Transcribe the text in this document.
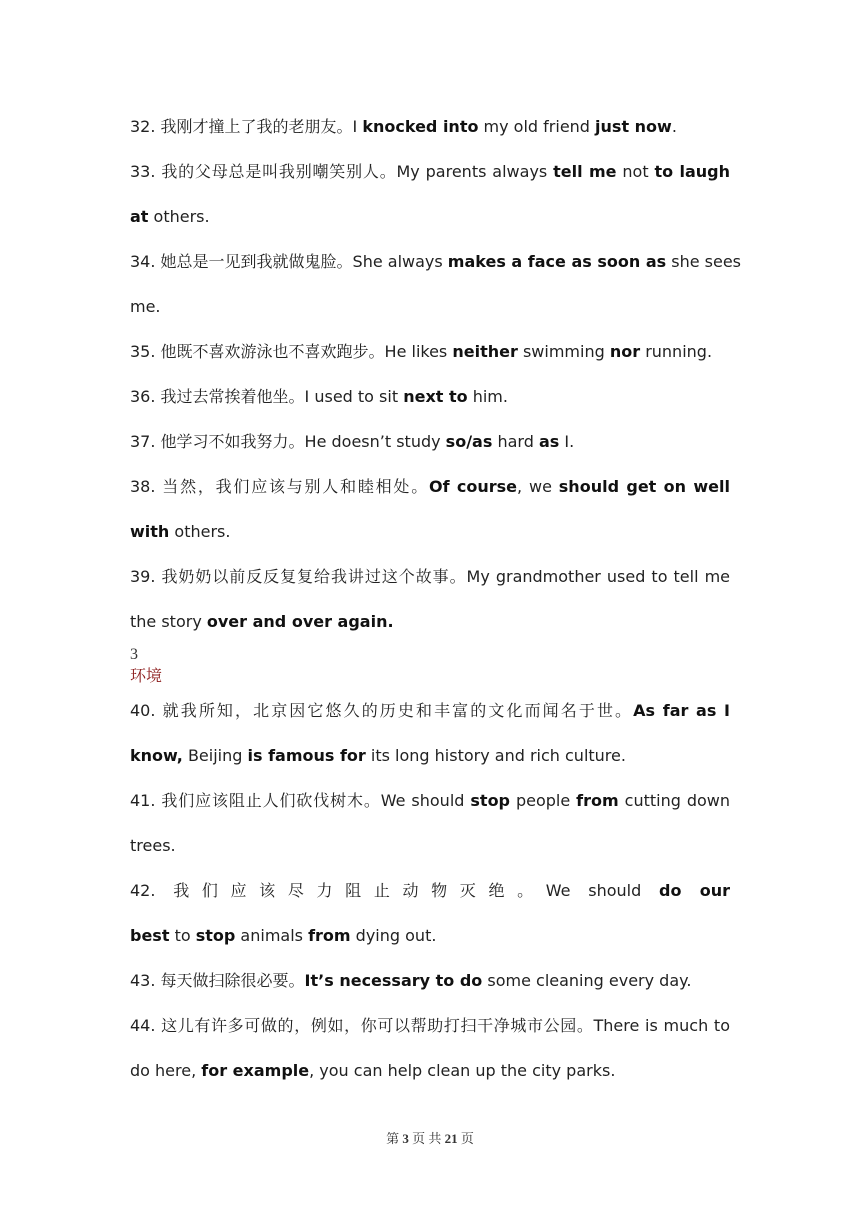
32. 我刚才撞上了我的老朋友。I knocked into my old friend just now.
33. 我的父母总是叫我别嘲笑别人。My parents always tell me not to laugh
at others.
34. 她总是一见到我就做鬼脸。She always makes a face as soon as she sees
me.
35. 他既不喜欢游泳也不喜欢跑步。He likes neither swimming nor running.
36. 我过去常挨着他坐。I used to sit next to him.
37. 他学习不如我努力。He doesn’t study so/as hard as I.
38. 当然，我们应该与别人和睦相处。Of course, we should get on well
with others.
39. 我奶奶以前反反复复给我讲过这个故事。My grandmother used to tell me
the story over and over again.
3
环境
40. 就我所知，北京因它悠久的历史和丰富的文化而闻名于世。As far as I
know, Beijing is famous for its long history and rich culture.
41. 我们应该阻止人们砍伐树木。We should stop people from cutting down
trees.
42. 我们应该尽力阻止动物灭绝。We should do our
best to stop animals from dying out.
43. 每天做扫除很必要。It’s necessary to do some cleaning every day.
44. 这儿有许多可做的，例如，你可以帮助打扫干净城市公园。There is much to
do here, for example, you can help clean up the city parks.
第 3 页 共 21 页
